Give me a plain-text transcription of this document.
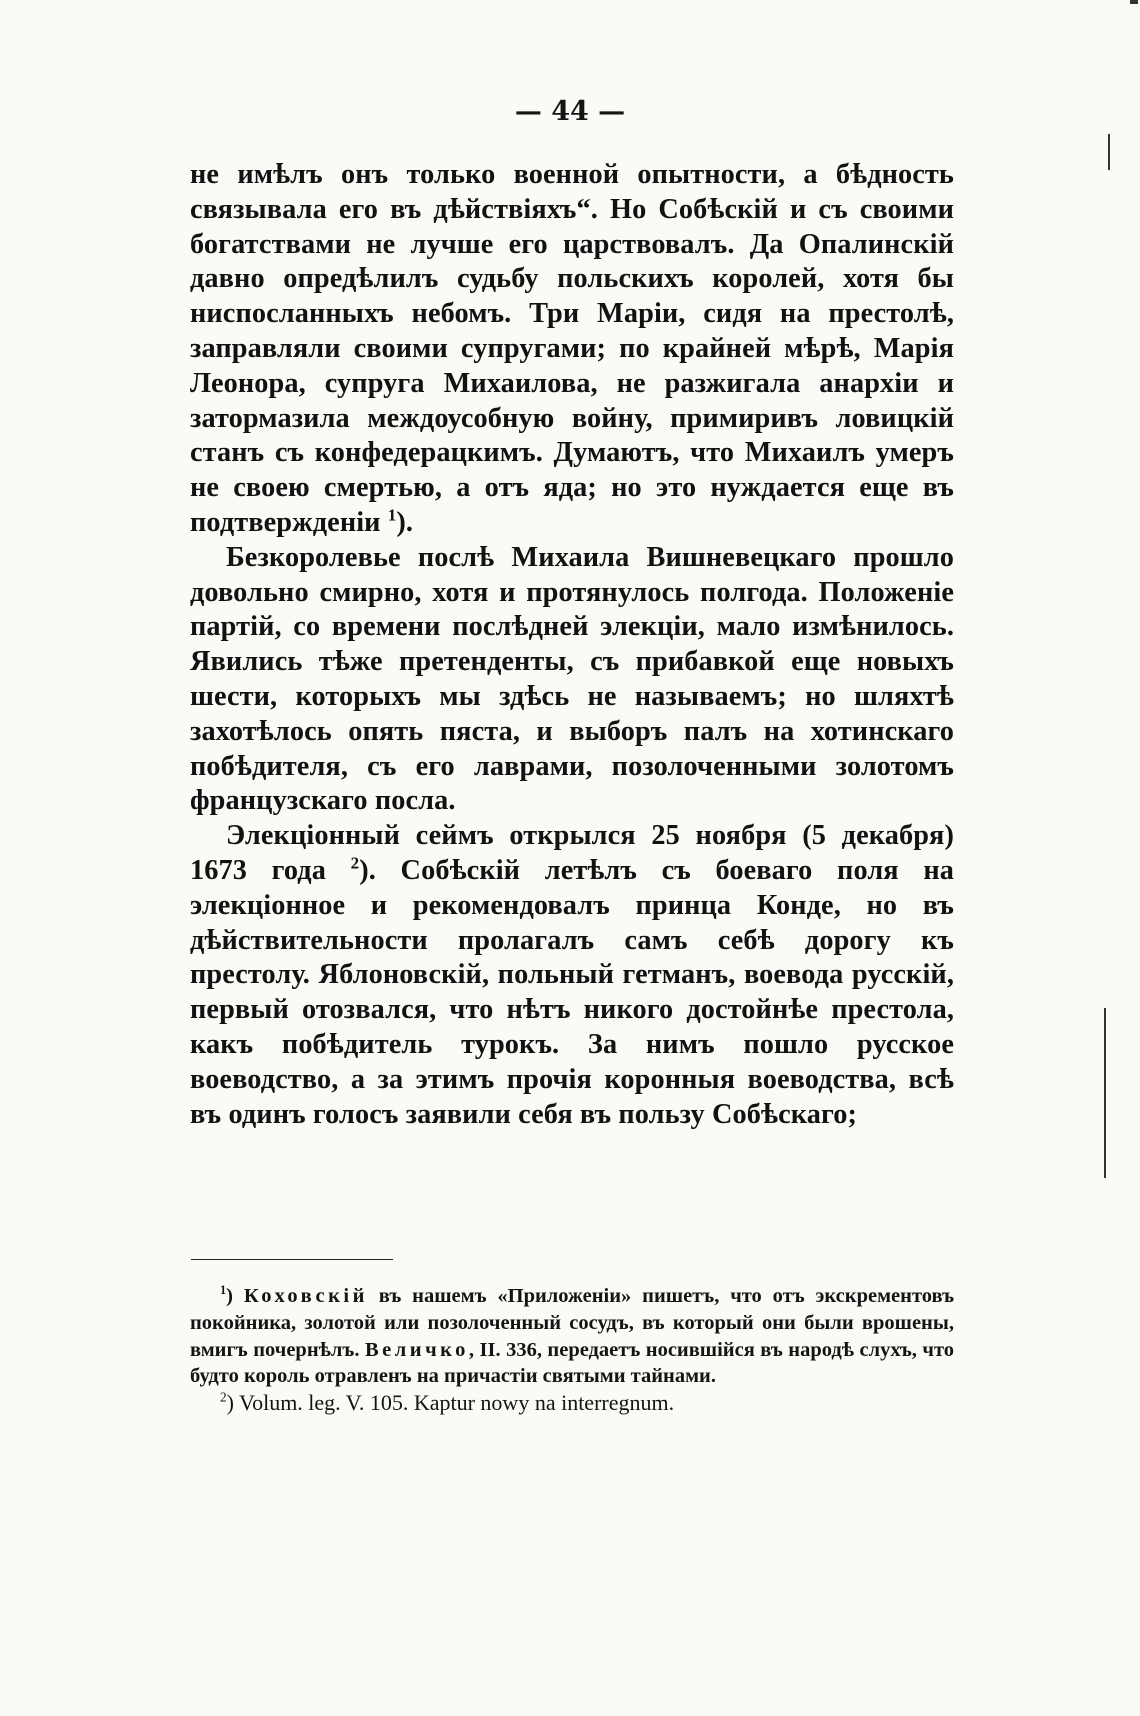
— 44 —

не имѣлъ онъ только военной опытности, а бѣдность связывала его въ дѣйствіяхъ“. Но Собѣскій и съ своими богатствами не лучше его царствовалъ. Да Опалинскій давно опредѣлилъ судьбу польскихъ королей, хотя бы ниспосланныхъ небомъ. Три Маріи, сидя на престолѣ, заправляли своими супругами; по крайней мѣрѣ, Марія Леонора, супруга Михаилова, не разжигала анархіи и затормазила междоусобную войну, примиривъ ловицкій станъ съ конфедерацкимъ. Думаютъ, что Михаилъ умеръ не своею смертью, а отъ яда; но это нуждается еще въ подтвержденіи $^1$).

Безкоролевье послѣ Михаила Вишневецкаго прошло довольно смирно, хотя и протянулось полгода. Положеніе партій, со времени послѣдней элекціи, мало измѣнилось. Явились тѣже претенденты, съ прибавкой еще новыхъ шести, которыхъ мы здѣсь не называемъ; но шляхтѣ захотѣлось опять пяста, и выборъ палъ на хотинскаго побѣдителя, съ его лаврами, позолоченными золотомъ французскаго посла.

Элекціонный сеймъ открылся 25 ноября (5 декабря) 1673 года $^2$). Собѣскій летѣлъ съ боеваго поля на элекціонное и рекомендовалъ принца Конде, но въ дѣйствительности пролагалъ самъ себѣ дорогу къ престолу. Яблоновскій, польный гетманъ, воевода русскій, первый отозвался, что нѣтъ никого достойнѣе престола, какъ побѣдитель турокъ. За нимъ пошло русское воеводство, а за этимъ прочія коронныя воеводства, всѣ въ одинъ голосъ заявили себя въ пользу Собѣскаго;

$^1$) Коховскій въ нашемъ «Приложеніи» пишетъ, что отъ экскрементовъ покойника, золотой или позолоченный сосудъ, въ который они были врошены, вмигъ почернѣлъ. Величко, II. 336, передаетъ носившійся въ народѣ слухъ, что будто король отравленъ на причастіи святыми тайнами.

$^2$) Volum. leg. V. 105. Kaptur nowy na interregnum.
